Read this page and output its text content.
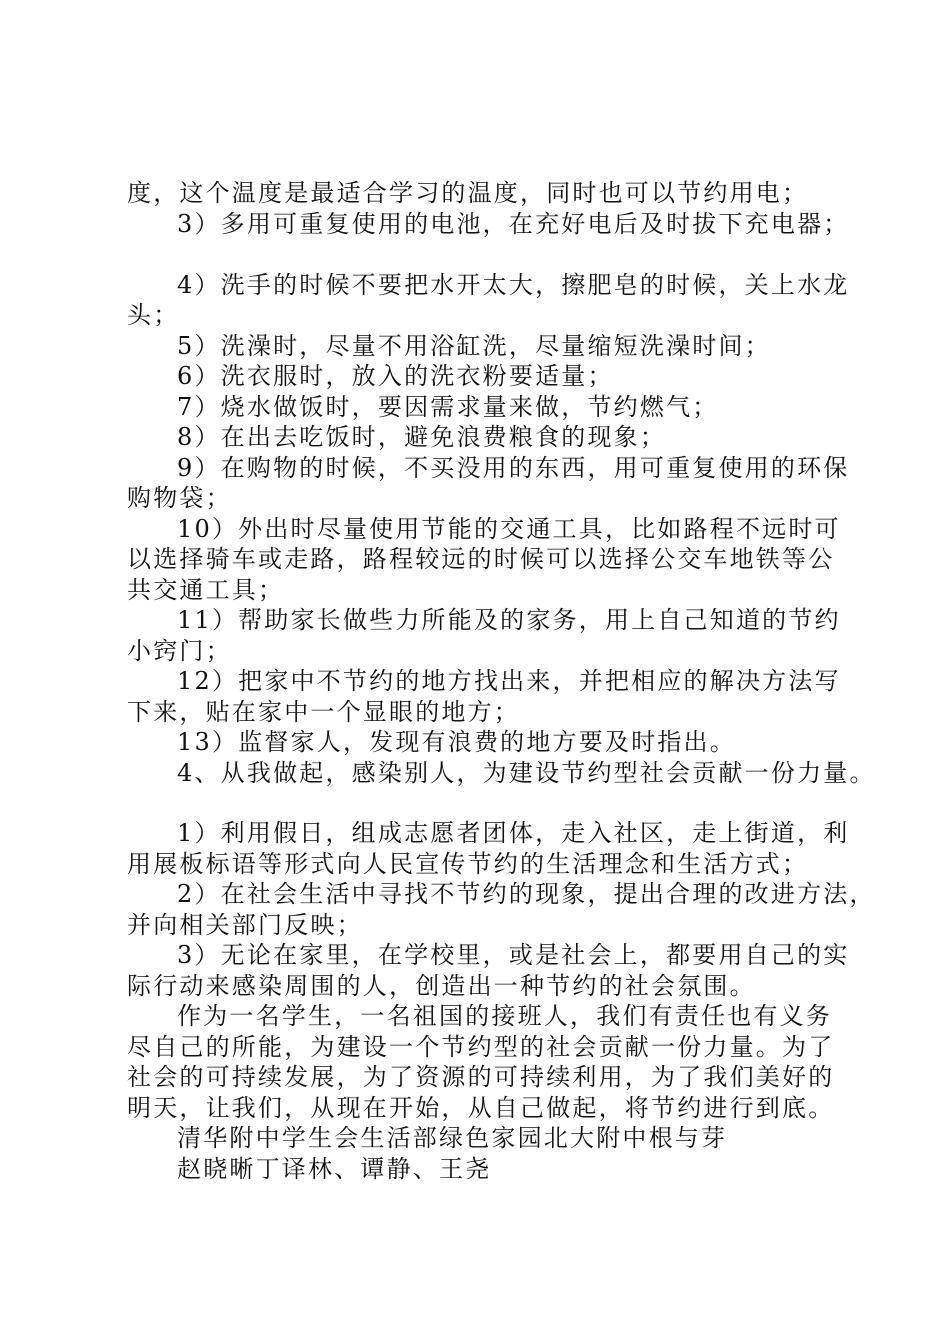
度，这个温度是最适合学习的温度，同时也可以节约用电；
3）多用可重复使用的电池，在充好电后及时拔下充电器；
4）洗手的时候不要把水开太大，擦肥皂的时候，关上水龙
头；
5）洗澡时，尽量不用浴缸洗，尽量缩短洗澡时间；
6）洗衣服时，放入的洗衣粉要适量；
7）烧水做饭时，要因需求量来做，节约燃气；
8）在出去吃饭时，避免浪费粮食的现象；
9）在购物的时候，不买没用的东西，用可重复使用的环保
购物袋；
10）外出时尽量使用节能的交通工具，比如路程不远时可
以选择骑车或走路，路程较远的时候可以选择公交车地铁等公
共交通工具；
11）帮助家长做些力所能及的家务，用上自己知道的节约
小窍门；
12）把家中不节约的地方找出来，并把相应的解决方法写
下来，贴在家中一个显眼的地方；
13）监督家人，发现有浪费的地方要及时指出。
4、从我做起，感染别人，为建设节约型社会贡献一份力量。
1）利用假日，组成志愿者团体，走入社区，走上街道，利
用展板标语等形式向人民宣传节约的生活理念和生活方式；
2）在社会生活中寻找不节约的现象，提出合理的改进方法，
并向相关部门反映；
3）无论在家里，在学校里，或是社会上，都要用自己的实
际行动来感染周围的人，创造出一种节约的社会氛围。
作为一名学生，一名祖国的接班人，我们有责任也有义务
尽自己的所能，为建设一个节约型的社会贡献一份力量。为了
社会的可持续发展，为了资源的可持续利用，为了我们美好的
明天，让我们，从现在开始，从自己做起，将节约进行到底。
清华附中学生会生活部绿色家园北大附中根与芽
赵晓晰丁译林、谭静、王尧
